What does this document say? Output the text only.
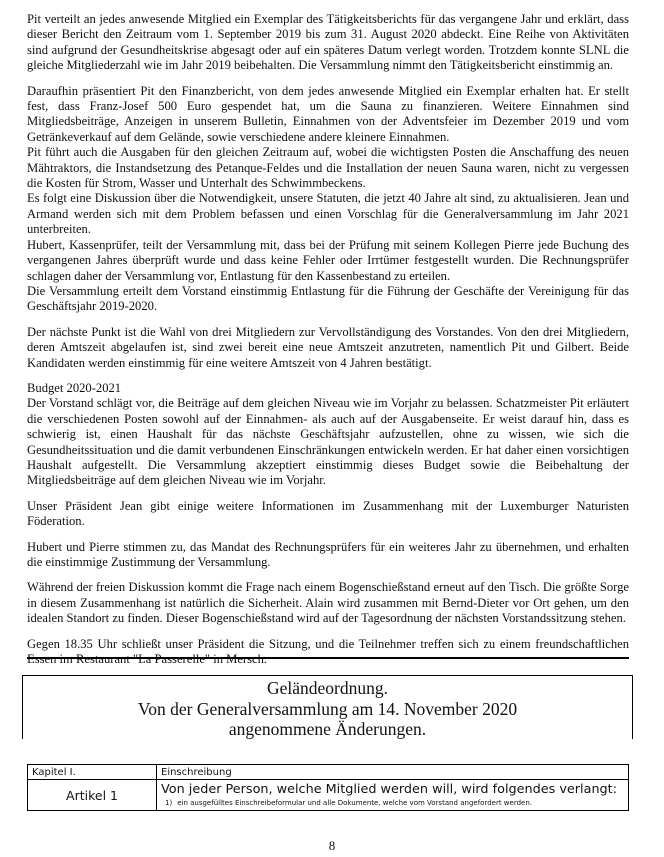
Pit verteilt an jedes anwesende Mitglied ein Exemplar des Tätigkeitsberichts für das vergangene Jahr und erklärt, dass dieser Bericht den Zeitraum vom 1. September 2019 bis zum 31. August 2020 abdeckt. Eine Reihe von Aktivitäten sind aufgrund der Gesundheitskrise abgesagt oder auf ein späteres Datum verlegt worden. Trotzdem konnte SLNL die gleiche Mitgliederzahl wie im Jahr 2019 beibehalten. Die Versammlung nimmt den Tätigkeitsbericht einstimmig an.
Daraufhin präsentiert Pit den Finanzbericht, von dem jedes anwesende Mitglied ein Exemplar erhalten hat. Er stellt fest, dass Franz-Josef 500 Euro gespendet hat, um die Sauna zu finanzieren. Weitere Einnahmen sind Mitgliedsbeiträge, Anzeigen in unserem Bulletin, Einnahmen von der Adventsfeier im Dezember 2019 und vom Getränkeverkauf auf dem Gelände, sowie verschiedene andere kleinere Einnahmen.
Pit führt auch die Ausgaben für den gleichen Zeitraum auf, wobei die wichtigsten Posten die Anschaffung des neuen Mähtraktors, die Instandsetzung des Petanque-Feldes und die Installation der neuen Sauna waren, nicht zu vergessen die Kosten für Strom, Wasser und Unterhalt des Schwimmbeckens.
Es folgt eine Diskussion über die Notwendigkeit, unsere Statuten, die jetzt 40 Jahre alt sind, zu aktualisieren. Jean und Armand werden sich mit dem Problem befassen und einen Vorschlag für die Generalversammlung im Jahr 2021 unterbreiten.
Hubert, Kassenprüfer, teilt der Versammlung mit, dass bei der Prüfung mit seinem Kollegen Pierre jede Buchung des vergangenen Jahres überprüft wurde und dass keine Fehler oder Irrtümer festgestellt wurden. Die Rechnungsprüfer schlagen daher der Versammlung vor, Entlastung für den Kassenbestand zu erteilen.
Die Versammlung erteilt dem Vorstand einstimmig Entlastung für die Führung der Geschäfte der Vereinigung für das Geschäftsjahr 2019-2020.
Der nächste Punkt ist die Wahl von drei Mitgliedern zur Vervollständigung des Vorstandes. Von den drei Mitgliedern, deren Amtszeit abgelaufen ist, sind zwei bereit eine neue Amtszeit anzutreten, namentlich Pit und Gilbert. Beide Kandidaten werden einstimmig für eine weitere Amtszeit von 4 Jahren bestätigt.
Budget 2020-2021
Der Vorstand schlägt vor, die Beiträge auf dem gleichen Niveau wie im Vorjahr zu belassen. Schatzmeister Pit erläutert die verschiedenen Posten sowohl auf der Einnahmen- als auch auf der Ausgabenseite. Er weist darauf hin, dass es schwierig ist, einen Haushalt für das nächste Geschäftsjahr aufzustellen, ohne zu wissen, wie sich die Gesundheitssituation und die damit verbundenen Einschränkungen entwickeln werden. Er hat daher einen vorsichtigen Haushalt aufgestellt. Die Versammlung akzeptiert einstimmig dieses Budget sowie die Beibehaltung der Mitgliedsbeiträge auf dem gleichen Niveau wie im Vorjahr.
Unser Präsident Jean gibt einige weitere Informationen im Zusammenhang mit der Luxemburger Naturisten Föderation.
Hubert und Pierre stimmen zu, das Mandat des Rechnungsprüfers für ein weiteres Jahr zu übernehmen, und erhalten die einstimmige Zustimmung der Versammlung.
Während der freien Diskussion kommt die Frage nach einem Bogenschießstand erneut auf den Tisch. Die größte Sorge in diesem Zusammenhang ist natürlich die Sicherheit. Alain wird zusammen mit Bernd-Dieter vor Ort gehen, um den idealen Standort zu finden. Dieser Bogenschießstand wird auf der Tagesordnung der nächsten Vorstandssitzung stehen.
Gegen 18.35 Uhr schließt unser Präsident die Sitzung, und die Teilnehmer treffen sich zu einem freundschaftlichen Essen im Restaurant "La Passerelle" in Mersch.
Geländeordnung.
Von der Generalversammlung am 14. November 2020
angenommene Änderungen.
Kapitel I.	Einschreibung
Artikel 1	Von jeder Person, welche Mitglied werden will, wird folgendes verlangt:
1) ein ausgefülltes Einschreibeformular und alle Dokumente, welche vom Vorstand angefordert werden.
8
